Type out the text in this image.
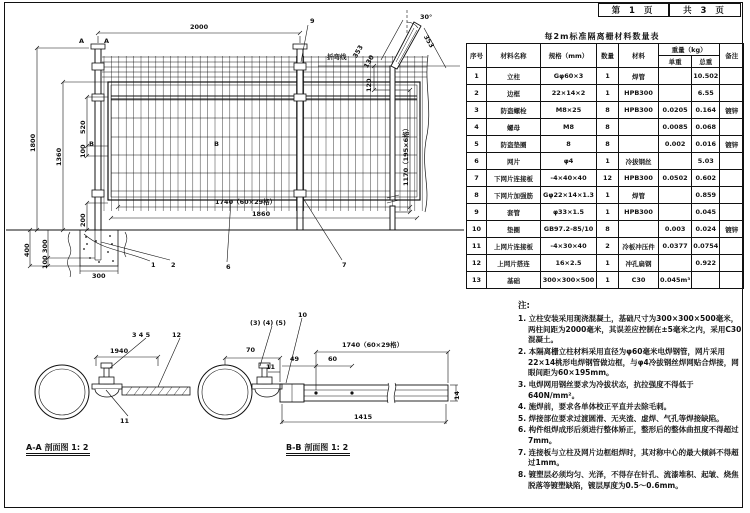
第 1 页	共 3 页
2000
9
A	A
B	B
1800
1360
520
100
200
400 300
100
300
1740（60×29格）
1860
1 2	6	7
折弯线
30°
353
130
353
120
1170（195×6格）
3 4 5	12
1940
11
A-A 剖面图 1: 2
(3) (4) (5)
10
70
49	60
11
1740（60×29格）
1415
14
B-B 剖面图 1: 2
每2m标准隔离栅材料数量表
序号	材料名称	规格（mm）	数量	材料	重量（kg）		备注
					单重	总重	
1	立柱	Gφ60×3	1	焊管		10.502	
2	边框	22×14×2	1	HPB300		6.55	
3	防盗螺栓	M8×25	8	HPB300	0.0205	0.164	镀锌
4	螺母	M8	8		0.0085	0.068	
5	防盗垫圈	8	8		0.002	0.016	镀锌
6	网片	φ4	1	冷拔钢丝		5.03	
7	下网片连接板	-4×40×40	12	HPB300	0.0502	0.602	
8	下网片加强筋	Gφ22×14×1.3	1	焊管		0.859	
9	套管	φ33×1.5	1	HPB300		0.045	
10	垫圈	GB97.2-85/10	8		0.003	0.024	镀锌
11	上网片连接板	-4×30×40	2	冷板冲压件	0.0377	0.0754	
12	上网片搭连	16×2.5	1	冲孔扁钢		0.922	
13	基础	300×300×500	1	C30	0.045m³		
注:
1. 立柱安装采用现浇混凝土，基础尺寸为300×300×500毫米，两柱间距为2000毫米，其误差应控制在±5毫米之内，采用C30混凝土。
2. 本隔离栅立柱材料采用直径为φ60毫米电焊钢管，网片采用22×14桃形电焊钢管做边框，与φ4冷拔钢丝焊网贴合焊接，网眼间距为60×195mm。
3. 电焊网用钢丝要求为冷拔状态，抗拉强度不得低于640N/mm²。
4. 施焊前，要求各单体校正平直并去除毛刺。
5. 焊接部位要求过渡圆滑、无夹渣、虚焊、气孔等焊接缺陷。
6. 构件组焊成形后须进行整体矫正，整形后的整体曲扭度不得超过7mm。
7. 连接板与立柱及网片边框组焊时，其对称中心的最大倾斜不得超过1mm。
8. 镀塑层必须均匀、光泽，不得存在针孔、流漆堆积、起皱、烧焦脱落等镀塑缺陷，镀层厚度为0.5～0.6mm。
